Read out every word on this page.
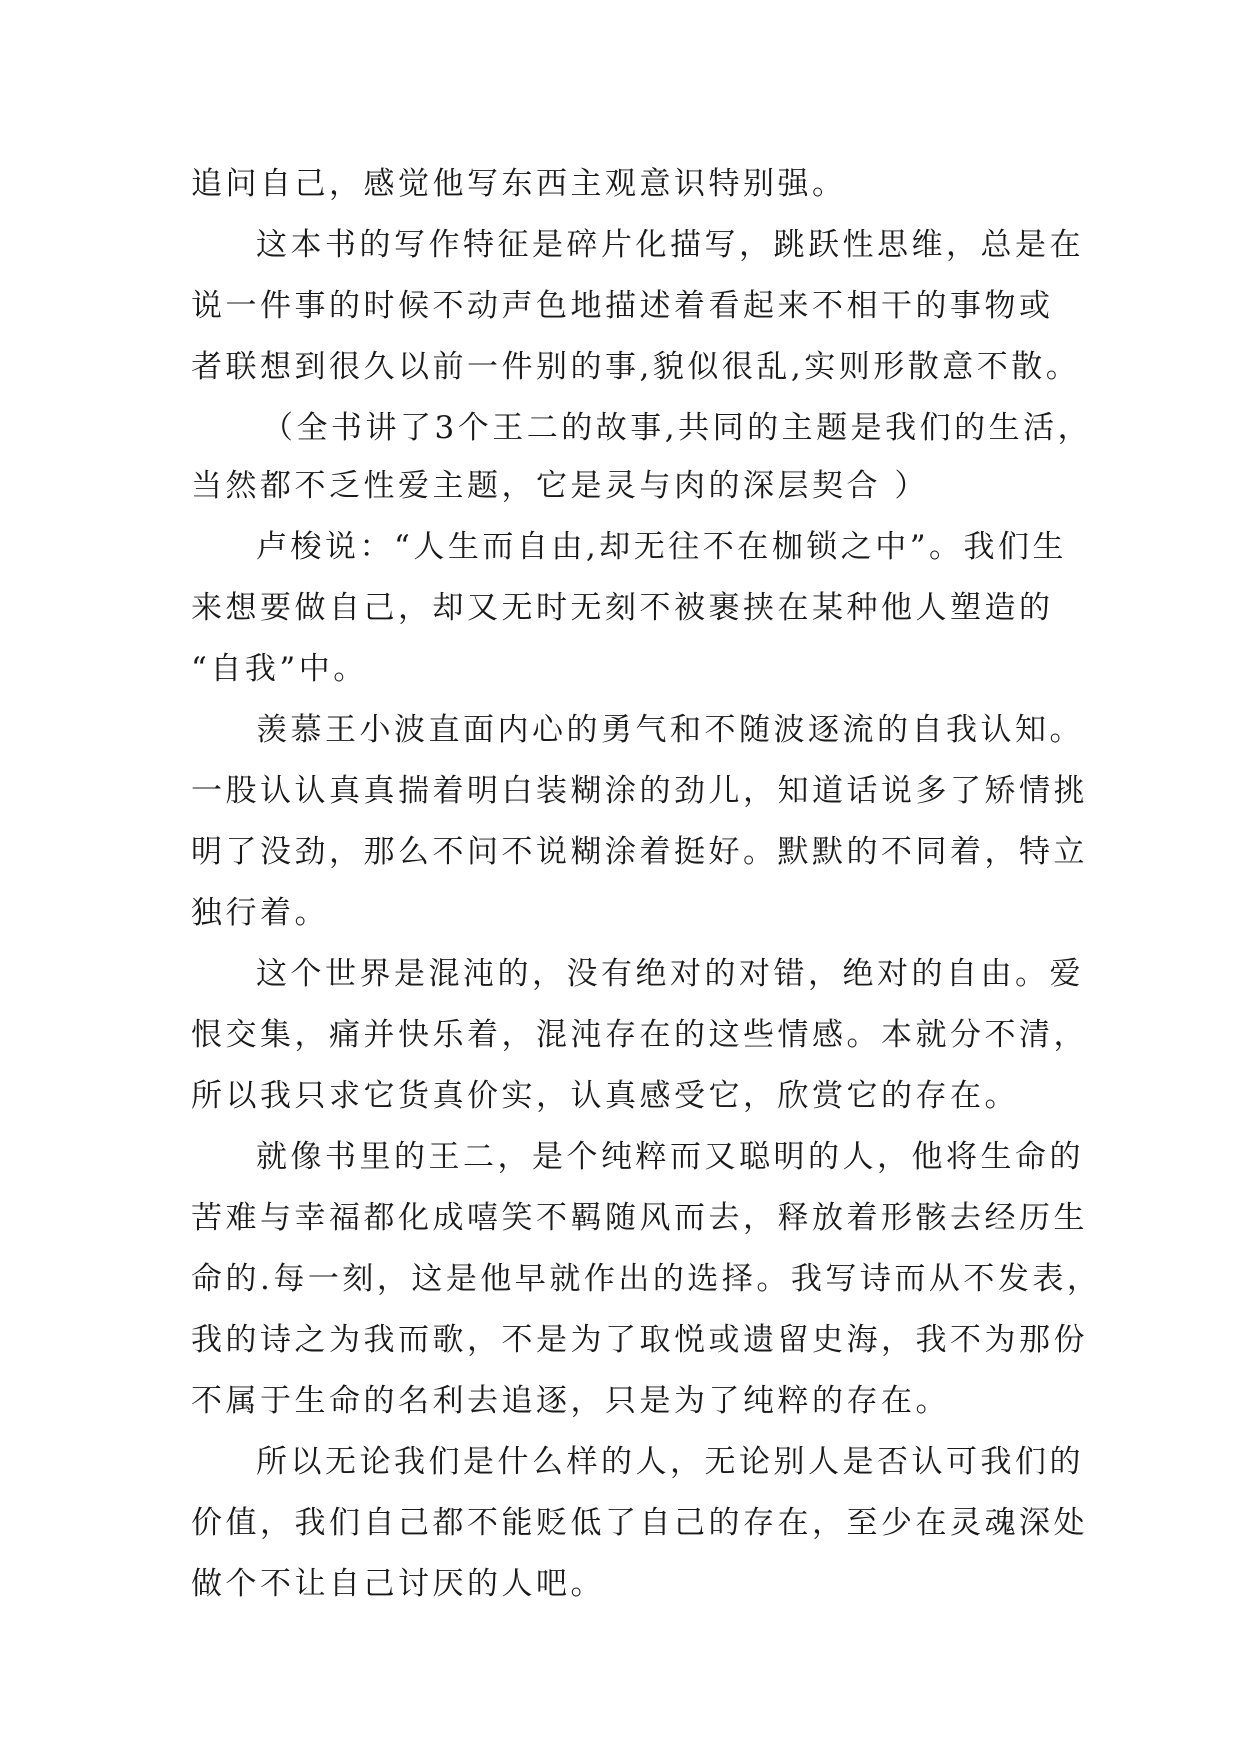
追问自己，感觉他写东西主观意识特别强。
这本书的写作特征是碎片化描写，跳跃性思维，总是在
说一件事的时候不动声色地描述着看起来不相干的事物或
者联想到很久以前一件别的事,貌似很乱,实则形散意不散。
（全书讲了3个王二的故事,共同的主题是我们的生活，
当然都不乏性爱主题，它是灵与肉的深层契合 ）
卢梭说：“人生而自由,却无往不在枷锁之中”。我们生
来想要做自己，却又无时无刻不被裹挟在某种他人塑造的
“自我”中。
羡慕王小波直面内心的勇气和不随波逐流的自我认知。
一股认认真真揣着明白装糊涂的劲儿，知道话说多了矫情挑
明了没劲，那么不问不说糊涂着挺好。默默的不同着，特立
独行着。
这个世界是混沌的，没有绝对的对错，绝对的自由。爱
恨交集，痛并快乐着，混沌存在的这些情感。本就分不清，
所以我只求它货真价实，认真感受它，欣赏它的存在。
就像书里的王二，是个纯粹而又聪明的人，他将生命的
苦难与幸福都化成嘻笑不羁随风而去，释放着形骸去经历生
命的.每一刻，这是他早就作出的选择。我写诗而从不发表，
我的诗之为我而歌，不是为了取悦或遗留史海，我不为那份
不属于生命的名利去追逐，只是为了纯粹的存在。
所以无论我们是什么样的人，无论别人是否认可我们的
价值，我们自己都不能贬低了自己的存在，至少在灵魂深处
做个不让自己讨厌的人吧。
